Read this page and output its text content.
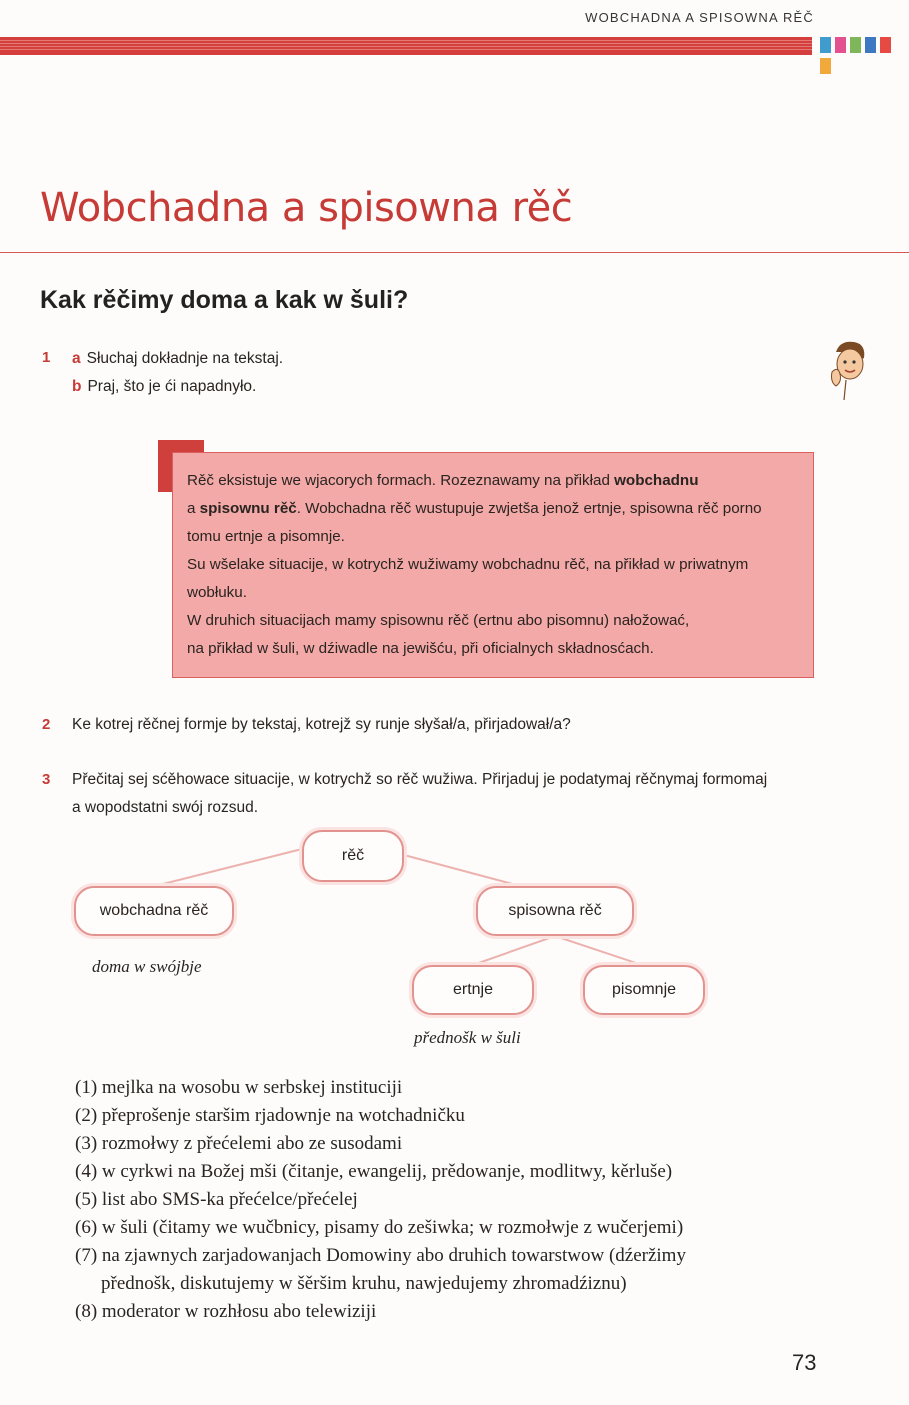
WOBCHADNA A SPISOWNA RĚČ
Wobchadna a spisowna rěč
Kak rěčimy doma a kak w šuli?
1 a Słuchaj dokładnje na tekstaj.
b Praj, što je ći napadnyło.
Rěč eksistuje we wjacorych formach. Rozeznawamy na přikład wobchadnu
a spisownu rěč. Wobchadna rěč wustupuje zwjetša jenož ertnje, spisowna rěč porno
tomu ertnje a pisomnje.
Su wšelake situacije, w kotrychž wužiwamy wobchadnu rěč, na přikład w priwatnym
wobłuku.
W druhich situacijach mamy spisownu rěč (ertnu abo pisomnu) nałožować,
na přikład w šuli, w dźiwadle na jewišću, při oficialnych składnosćach.
2 Ke kotrej rěčnej formje by tekstaj, kotrejž sy runje słyšał/a, přirjadował/a?
3 Přečitaj sej sćěhowace situacije, w kotrychž so rěč wužiwa. Přirjaduj je podatymaj rěčnymaj formomaj
a wopodstatni swój rozsud.
rěč
wobchadna rěč	spisowna rěč
ertnje	pisomnje
doma w swójbje
přednošk w šuli
(1) mejlka na wosobu w serbskej instituciji
(2) přeprošenje staršim rjadownje na wotchadničku
(3) rozmołwy z přećelemi abo ze susodami
(4) w cyrkwi na Božej mši (čitanje, ewangelij, prědowanje, modlitwy, kěrluše)
(5) list abo SMS-ka přećelce/přećelej
(6) w šuli (čitamy we wučbnicy, pisamy do zešiwka; w rozmołwje z wučerjemi)
(7) na zjawnych zarjadowanjach Domowiny abo druhich towarstwow (dźeržimy
přednošk, diskutujemy w šěršim kruhu, nawjedujemy zhromadźiznu)
(8) moderator w rozhłosu abo telewiziji
73
